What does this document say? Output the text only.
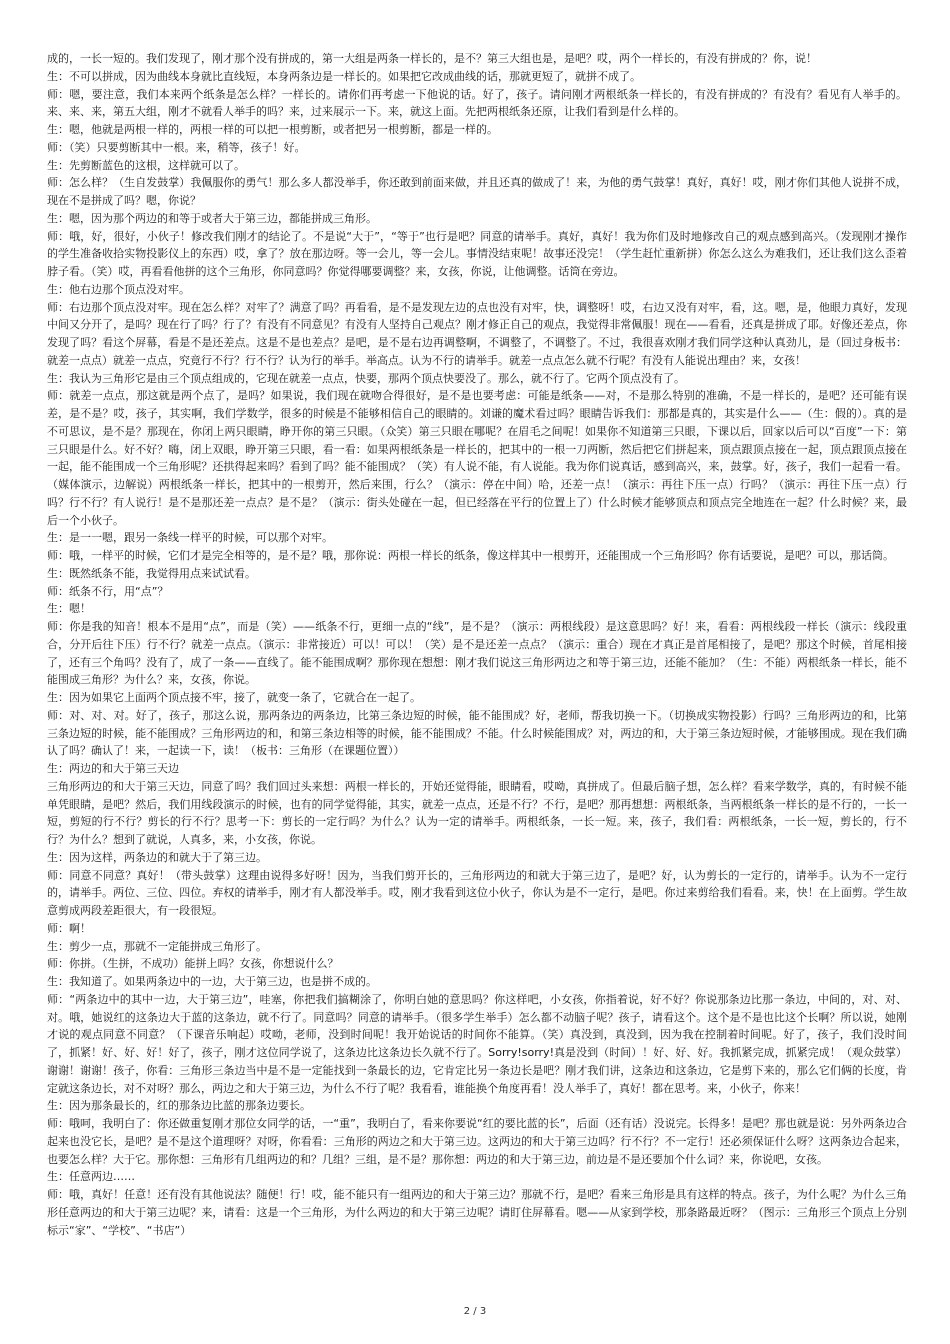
成的，一长一短的。我们发现了，刚才那个没有拼成的，第一大组是两条一样长的，是不？第三大组也是，是吧？哎，两个一样长的，有没有拼成的？你，说！

生：不可以拼成，因为曲线本身就比直线短，本身两条边是一样长的。如果把它改成曲线的话，那就更短了，就拼不成了。

师：嗯，要注意，我们本来两个纸条是怎么样？一样长的。请你们再考虑一下他说的话。好了，孩子。请问刚才两根纸条一样长的，有没有拼成的？有没有？看见有人举手的。来、来、来，第五大组，刚才不就看人举手的吗？来，过来展示一下。来，就这上面。先把两根纸条还原，让我们看到是什么样的。

生：嗯，他就是两根一样的，两根一样的可以把一根剪断，或者把另一根剪断，都是一样的。

师：（笑）只要剪断其中一根。来，稍等，孩子！好。

生：先剪断蓝色的这根，这样就可以了。

师：怎么样？（生自发鼓掌）我佩服你的勇气！那么多人都没举手，你还敢到前面来做，并且还真的做成了！来，为他的勇气鼓掌！真好，真好！哎，刚才你们其他人说拼不成，现在不是拼成了吗？嗯，你说？

生：嗯，因为那个两边的和等于或者大于第三边，都能拼成三角形。

师：哦，好，很好，小伙子！修改我们刚才的结论了。不是说“大于”，“等于”也行是吧？同意的请举手。真好，真好！我为你们及时地修改自己的观点感到高兴。（发现刚才操作的学生准备收拾实物投影仪上的东西）哎，拿了？放在那边呀。等一会儿，等一会儿。事情没结束呢！故事还没完！（学生赶忙重新拼）你怎么这么为难我们，还让我们这么歪着脖子看。（笑）哎，再看看他拼的这个三角形，你同意吗？你觉得哪要调整？来，女孩，你说，让他调整。话筒在旁边。

生：他右边那个顶点没对牢。

师：右边那个顶点没对牢。现在怎么样？对牢了？满意了吗？再看看，是不是发现左边的点也没有对牢，快，调整呀！哎，右边又没有对牢，看，这。嗯，是，他眼力真好，发现中间又分开了，是吗？现在行了吗？行了？有没有不同意见？有没有人坚持自己观点？刚才修正自己的观点，我觉得非常佩服！现在——看看，还真是拼成了耶。好像还差点，你发现了吗？看这个屏幕，看是不是还差点。这是不是也差点？是吧，是不是右边再调整啊，不调整了，不调整了。不过，我很喜欢刚才我们同学这种认真劲儿，是（回过身板书：就差一点点）就差一点点，究竟行不行？行不行？认为行的举手。举高点。认为不行的请举手。就差一点点怎么就不行呢？有没有人能说出理由？来，女孩！

生：我认为三角形它是由三个顶点组成的，它现在就差一点点，快要，那两个顶点快要没了。那么，就不行了。它两个顶点没有了。

师：就差一点点，那这就是两个点了，是吗？如果说，我们现在就吻合得很好，是不是也要考虑：可能是纸条——对，不是那么特别的准确，不是一样长的，是吧？还可能有误差，是不是？哎，孩子，其实啊，我们学数学，很多的时候是不能够相信自己的眼睛的。刘谦的魔术看过吗？眼睛告诉我们：那都是真的，其实是什么——（生：假的）。真的是不可思议，是不是？那现在，你闭上两只眼睛，睁开你的第三只眼。（众笑）第三只眼在哪呢？在眉毛之间呢！如果你不知道第三只眼，下课以后，回家以后可以“百度”一下：第三只眼是什么。好不好？嗨，闭上双眼，睁开第三只眼，看一看：如果两根纸条是一样长的，把其中的一根一刀两断，然后把它们拼起来，顶点跟顶点接在一起，顶点跟顶点接在一起，能不能围成一个三角形呢？还拱得起来吗？看到了吗？能不能围成？（笑）有人说不能，有人说能。我为你们说真话，感到高兴，来，鼓掌。好，孩子，我们一起看一看。（媒体演示，边解说）两根纸条一样长，把其中的一根剪开，然后来围，行么？（演示：停在中间）哈，还差一点！（演示：再往下压一点）行吗？（演示：再往下压一点）行吗？行不行？有人说行！是不是那还差一点点？是不是？（演示：街头处碰在一起，但已经落在平行的位置上了）什么时候才能够顶点和顶点完全地连在一起？什么时候？来，最后一个小伙子。

生：是一一嗯，跟另一条线一样平的时候，可以那个对牢。

师：哦，一样平的时候，它们才是完全相等的，是不是？哦，那你说：两根一样长的纸条，像这样其中一根剪开，还能围成一个三角形吗？你有话要说，是吧？可以，那话筒。

生：既然纸条不能，我觉得用点来试试看。

师：纸条不行，用“点”？

生：嗯！

师：你是我的知音！根本不是用“点”，而是（笑）——纸条不行，更细一点的“线”，是不是？（演示：两根线段）是这意思吗？好！来，看看：两根线段一样长（演示：线段重合，分开后往下压）行不行？就差一点点。（演示：非常接近）可以！可以！（笑）是不是还差一点点？（演示：重合）现在才真正是首尾相接了，是吧？那这个时候，首尾相接了，还有三个角吗？没有了，成了一条——直线了。能不能围成啊？那你现在想想：刚才我们说这三角形两边之和等于第三边，还能不能加？（生：不能）两根纸条一样长，能不能围成三角形？为什么？来，女孩，你说。

生：因为如果它上面两个顶点接不牢，接了，就变一条了，它就合在一起了。

师：对、对、对。好了，孩子，那这么说，那两条边的两条边，比第三条边短的时候，能不能围成？好，老师，帮我切换一下。（切换成实物投影）行吗？三角形两边的和，比第三条边短的时候，能不能围成？三角形两边的和，和第三条边相等的时候，能不能围成？不能。什么时候能围成？对，两边的和，大于第三条边短时候，才能够围成。现在我们确认了吗？确认了！来，一起读一下，读！（板书：三角形（在课题位置））

生：两边的和大于第三天边

三角形两边的和大于第三天边，同意了吗？我们回过头来想：两根一样长的，开始还觉得能，眼睛看，哎呦，真拼成了。但最后脑子想，怎么样？看来学数学，真的，有时候不能单凭眼睛，是吧？然后，我们用线段演示的时候，也有的同学觉得能，其实，就差一点点，还是不行？不行，是吧？那再想想：两根纸条，当两根纸条一样长的是不行的，一长一短，剪短的行不行？剪长的行不行？思考一下：剪长的一定行吗？为什么？认为一定的请举手。两根纸条，一长一短。来，孩子，我们看：两根纸条，一长一短，剪长的，行不行？为什么？想到了就说，人真多，来，小女孩，你说。

生：因为这样，两条边的和就大于了第三边。

师：同意不同意？真好！（带头鼓掌）这理由说得多好呀！因为，当我们剪开长的，三角形两边的和就大于第三边了，是吧？好，认为剪长的一定行的，请举手。认为不一定行的，请举手。两位、三位、四位。弃权的请举手，刚才有人都没举手。哎，刚才我看到这位小伙子，你认为是不一定行，是吧。你过来剪给我们看看。来，快！在上面剪。学生故意剪成两段差距很大，有一段很短。

师：啊！

生：剪少一点，那就不一定能拼成三角形了。

师：你拼。（生拼，不成功）能拼上吗？女孩，你想说什么？

生：我知道了。如果两条边中的一边，大于第三边，也是拼不成的。

师：“两条边中的其中一边，大于第三边”，哇塞，你把我们搞糊涂了，你明白她的意思吗？你这样吧，小女孩，你指着说，好不好？你说那条边比那一条边，中间的，对、对、对。哦，她说红的这条边大于蓝的这条边，就不行了。同意吗？同意的请举手。（很多学生举手）怎么都不动脑子呢？孩子，请看这个。这个是不是也比这个长啊？所以说，她刚才说的观点同意不同意？（下课音乐响起）哎呦，老师，没到时间呢！我开始说话的时间你不能算。（笑）真没到，真没到，因为我在控制着时间呢。好了，孩子，我们没时间了，抓紧！好、好、好！好了，孩子，刚才这位同学说了，这条边比这条边长久就不行了。Sorry!sorry!真是没到（时间）！好、好、好。我抓紧完成，抓紧完成！（观众鼓掌）谢谢！谢谢！孩子，你看：三角形三条边当中是不是一定能找到一条最长的边，它肯定比另一条边长是吧？刚才我们讲，这条边和这条边，它是剪下来的，那么它们俩的长度，肯定就这条边长，对不对呀？那么，两边之和大于第三边，为什么不行了呢？我看看，谁能换个角度再看！没人举手了，真好！都在思考。来，小伙子，你来！

生：因为那条最长的，红的那条边比蓝的那条边要长。

师：哦呵，我明白了：你还做重复刚才那位女同学的话，一“重”，我明白了，看来你要说“红的要比蓝的长”，后面（还有话）没说完。长得多！是吧？那也就是说：另外两条边合起来也没它长，是吧？是不是这个道理呀？对呀，你看看：三角形的两边之和大于第三边。这两边的和大于第三边吗？行不行？不一定行！还必须保证什么呀？这两条边合起来，也要怎么样？大于它。那你想：三角形有几组两边的和？几组？三组，是不是？那你想：两边的和大于第三边，前边是不是还要加个什么词？来，你说吧，女孩。

生：任意两边……

师：哦，真好！任意！还有没有其他说法？随便！行！哎，能不能只有一组两边的和大于第三边？那就不行，是吧？看来三角形是具有这样的特点。孩子，为什么呢？为什么三角形任意两边的和大于第三边呢？来，请看：这是一个三角形，为什么两边的和大于第三边呢？请盯住屏幕看。嗯——从家到学校，那条路最近呀？（图示：三角形三个顶点上分别标示“家”、“学校”、“书店”）

2 / 3
